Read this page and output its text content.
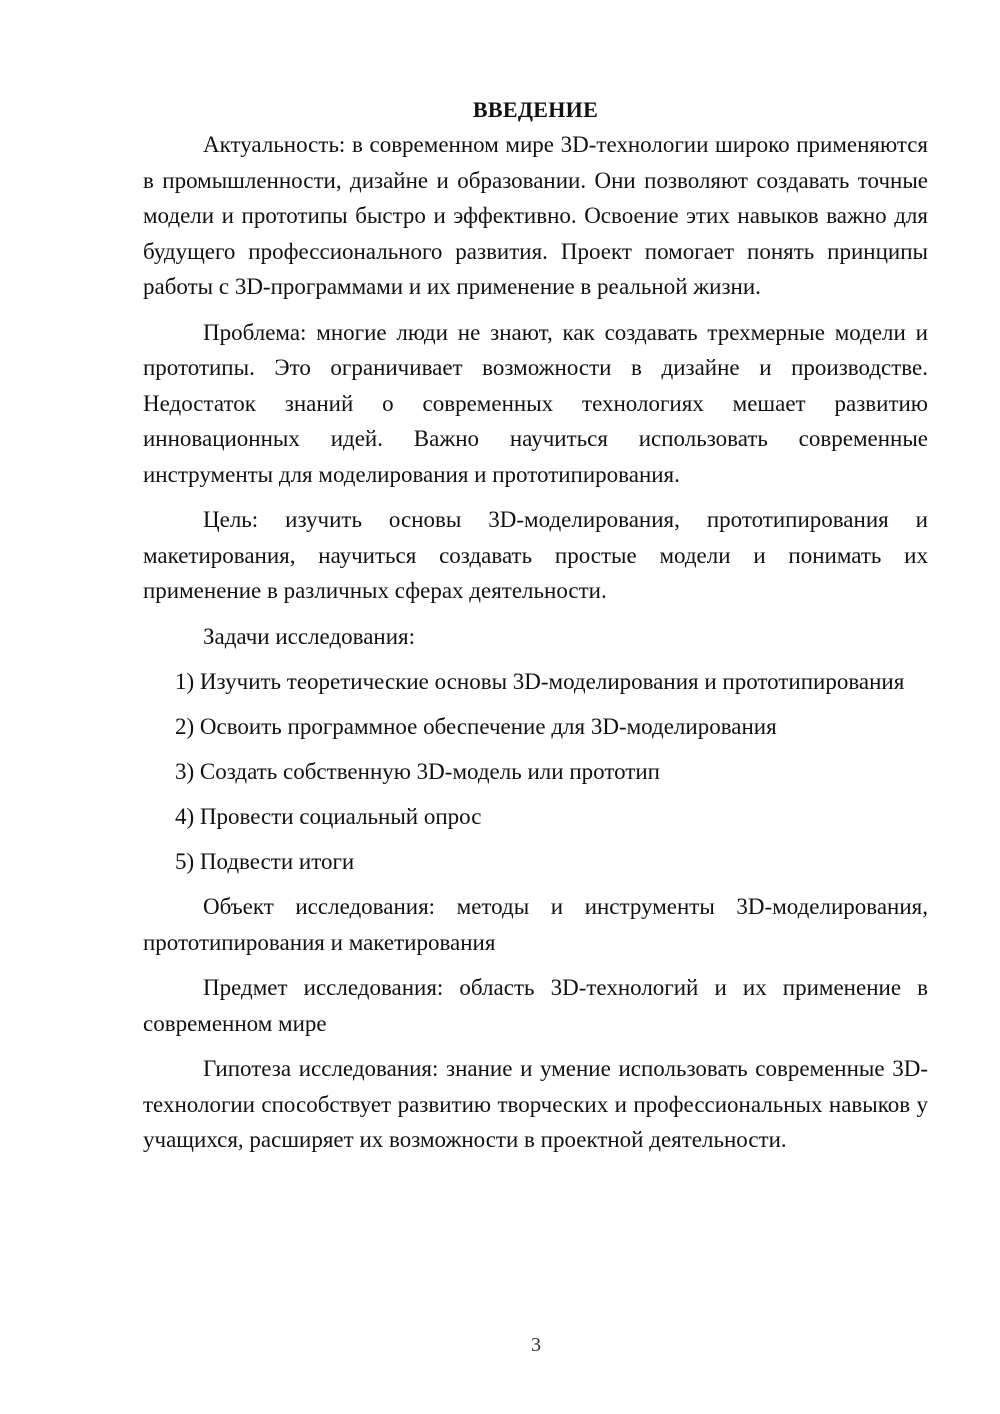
ВВЕДЕНИЕ

Актуальность: в современном мире 3D-технологии широко применяются в промышленности, дизайне и образовании. Они позволяют создавать точные модели и прототипы быстро и эффективно. Освоение этих навыков важно для будущего профессионального развития. Проект помогает понять принципы работы с 3D-программами и их применение в реальной жизни.

Проблема: многие люди не знают, как создавать трехмерные модели и прототипы. Это ограничивает возможности в дизайне и производстве. Недостаток знаний о современных технологиях мешает развитию инновационных идей. Важно научиться использовать современные инструменты для моделирования и прототипирования.

Цель: изучить основы 3D-моделирования, прототипирования и макетирования, научиться создавать простые модели и понимать их применение в различных сферах деятельности.

Задачи исследования:

1) Изучить теоретические основы 3D-моделирования и прототипирования

2) Освоить программное обеспечение для 3D-моделирования

3) Создать собственную 3D-модель или прототип

4) Провести социальный опрос

5) Подвести итоги

Объект исследования: методы и инструменты 3D-моделирования, прототипирования и макетирования

Предмет исследования: область 3D-технологий и их применение в современном мире

Гипотеза исследования: знание и умение использовать современные 3D-технологии способствует развитию творческих и профессиональных навыков у учащихся, расширяет их возможности в проектной деятельности.

3
